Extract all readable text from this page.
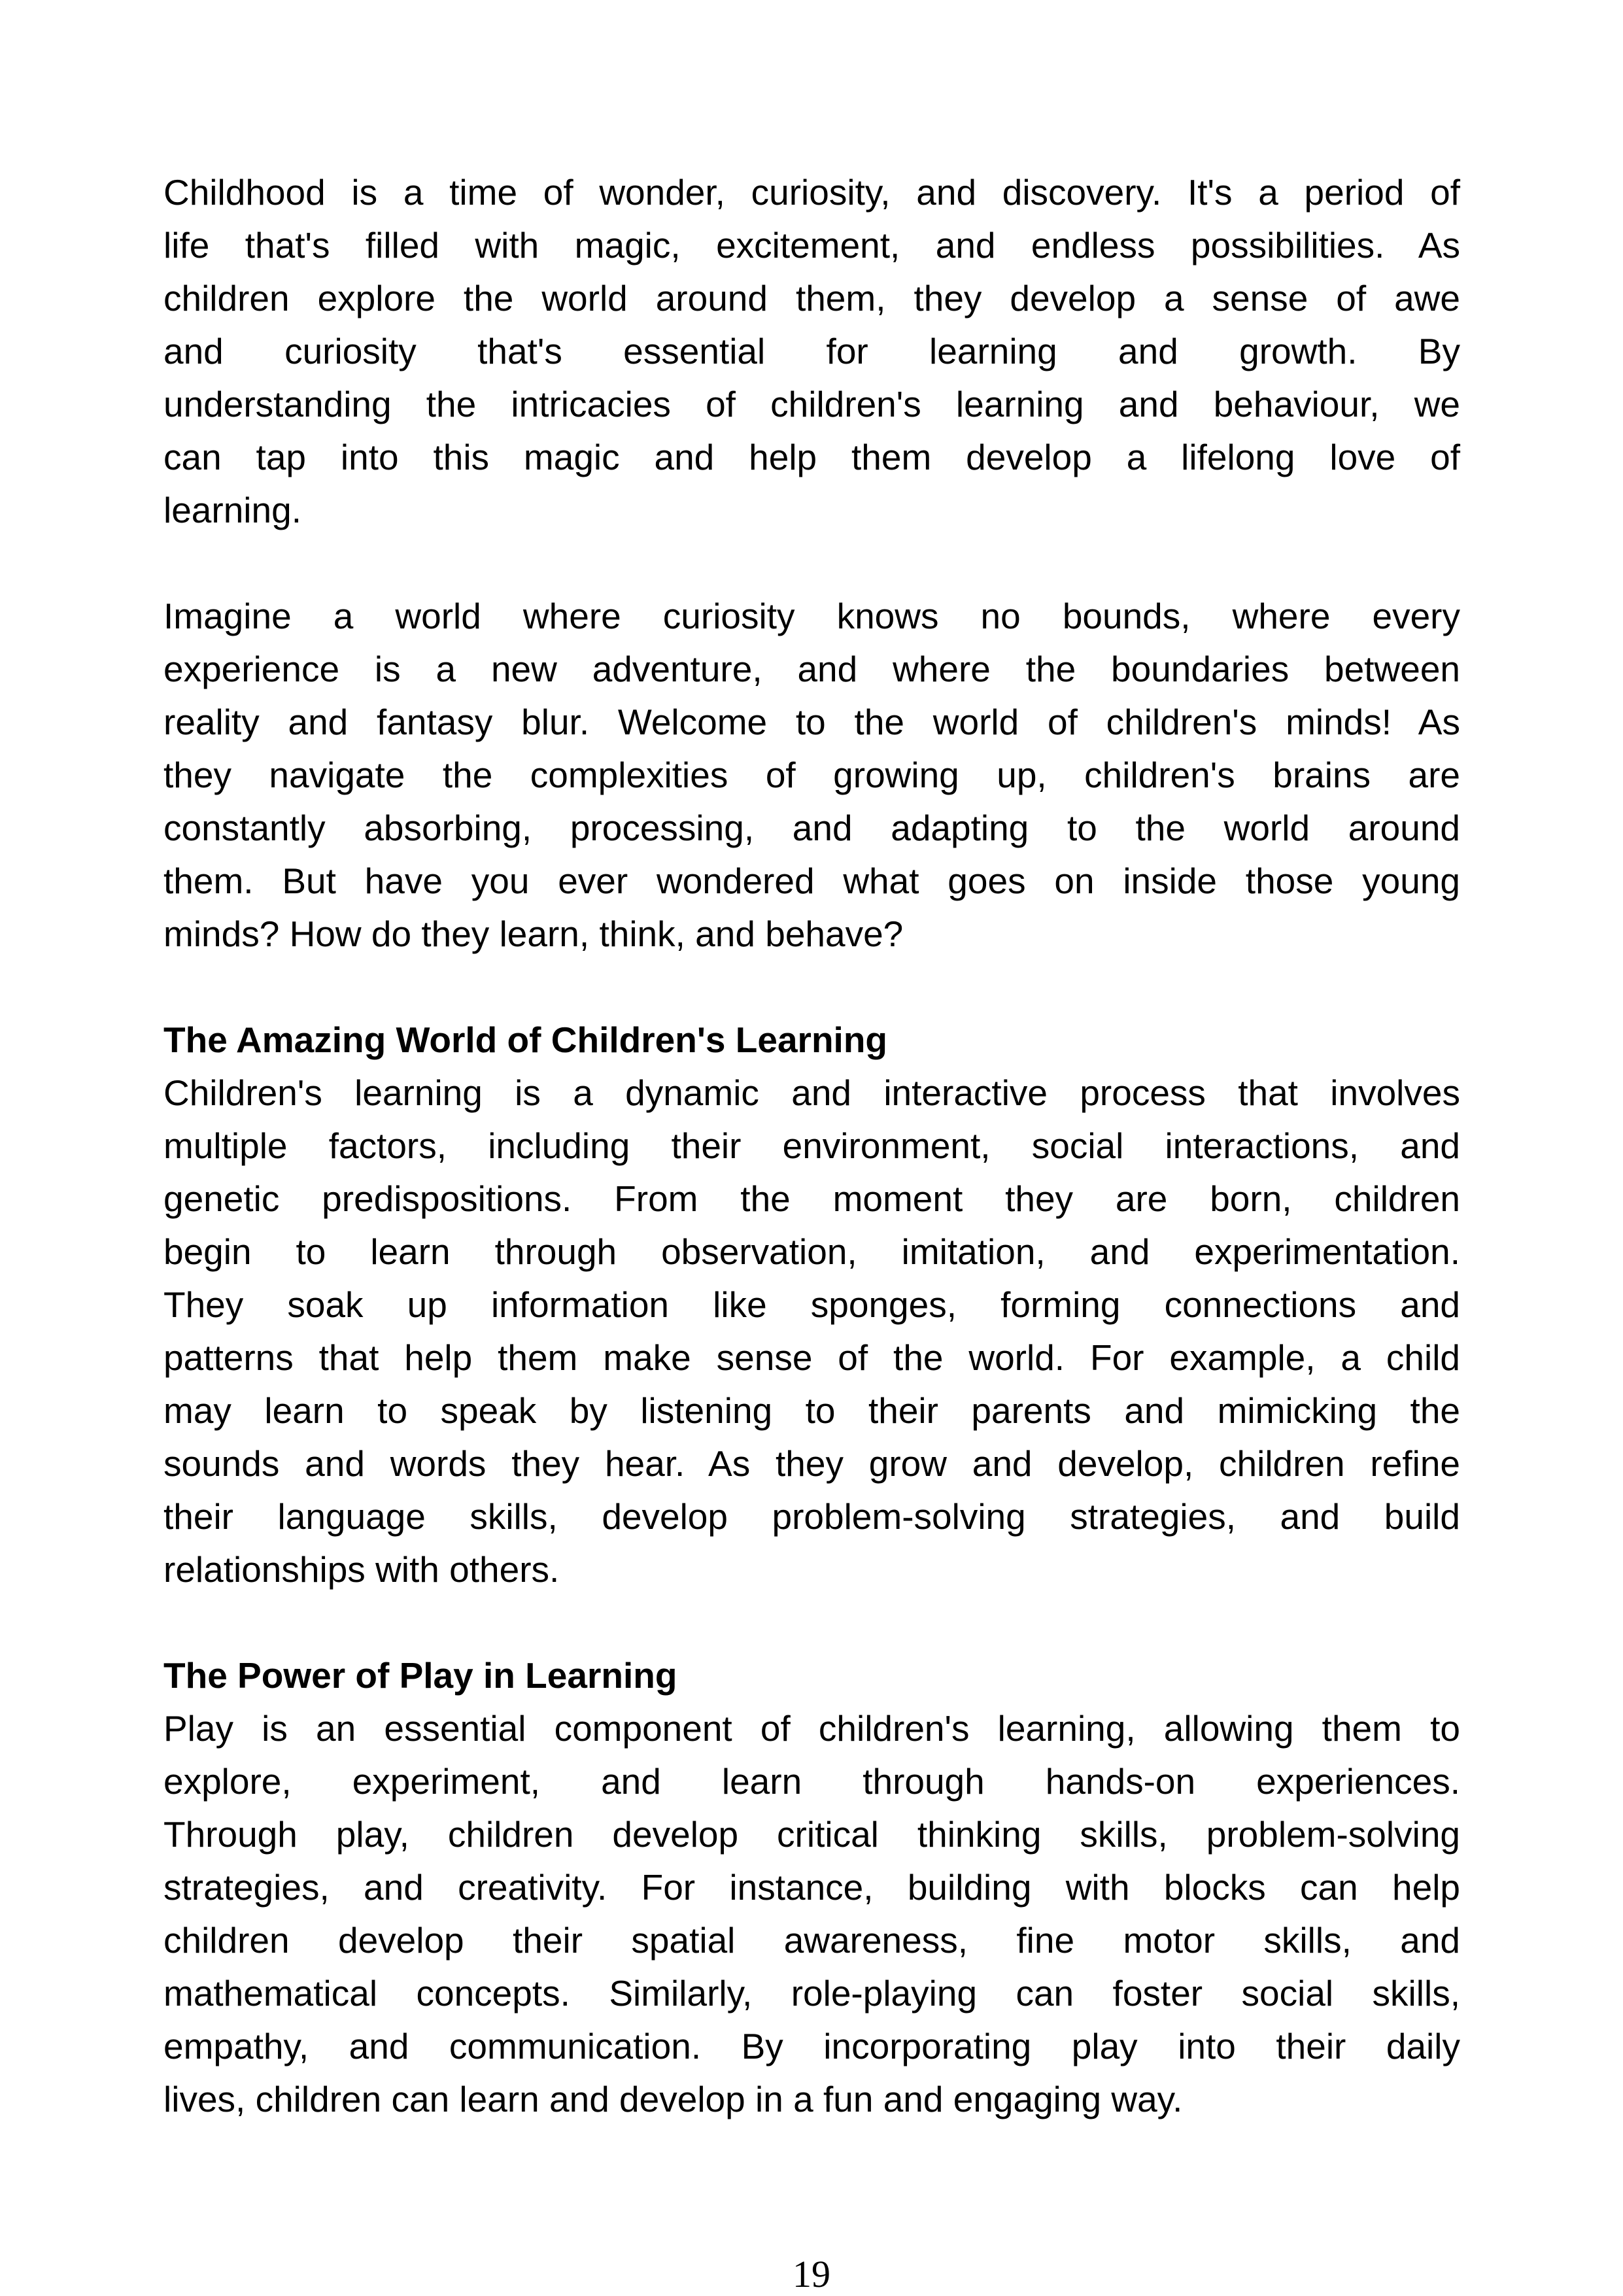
Childhood is a time of wonder, curiosity, and discovery. It's a period of
life that's filled with magic, excitement, and endless possibilities. As
children explore the world around them, they develop a sense of awe
and curiosity that's essential for learning and growth. By
understanding the intricacies of children's learning and behaviour, we
can tap into this magic and help them develop a lifelong love of
learning.
Imagine a world where curiosity knows no bounds, where every
experience is a new adventure, and where the boundaries between
reality and fantasy blur. Welcome to the world of children's minds! As
they navigate the complexities of growing up, children's brains are
constantly absorbing, processing, and adapting to the world around
them. But have you ever wondered what goes on inside those young
minds? How do they learn, think, and behave?
The Amazing World of Children's Learning
Children's learning is a dynamic and interactive process that involves
multiple factors, including their environment, social interactions, and
genetic predispositions. From the moment they are born, children
begin to learn through observation, imitation, and experimentation.
They soak up information like sponges, forming connections and
patterns that help them make sense of the world. For example, a child
may learn to speak by listening to their parents and mimicking the
sounds and words they hear. As they grow and develop, children refine
their language skills, develop problem-solving strategies, and build
relationships with others.
The Power of Play in Learning
Play is an essential component of children's learning, allowing them to
explore, experiment, and learn through hands-on experiences.
Through play, children develop critical thinking skills, problem-solving
strategies, and creativity. For instance, building with blocks can help
children develop their spatial awareness, fine motor skills, and
mathematical concepts. Similarly, role-playing can foster social skills,
empathy, and communication. By incorporating play into their daily
lives, children can learn and develop in a fun and engaging way.
19
